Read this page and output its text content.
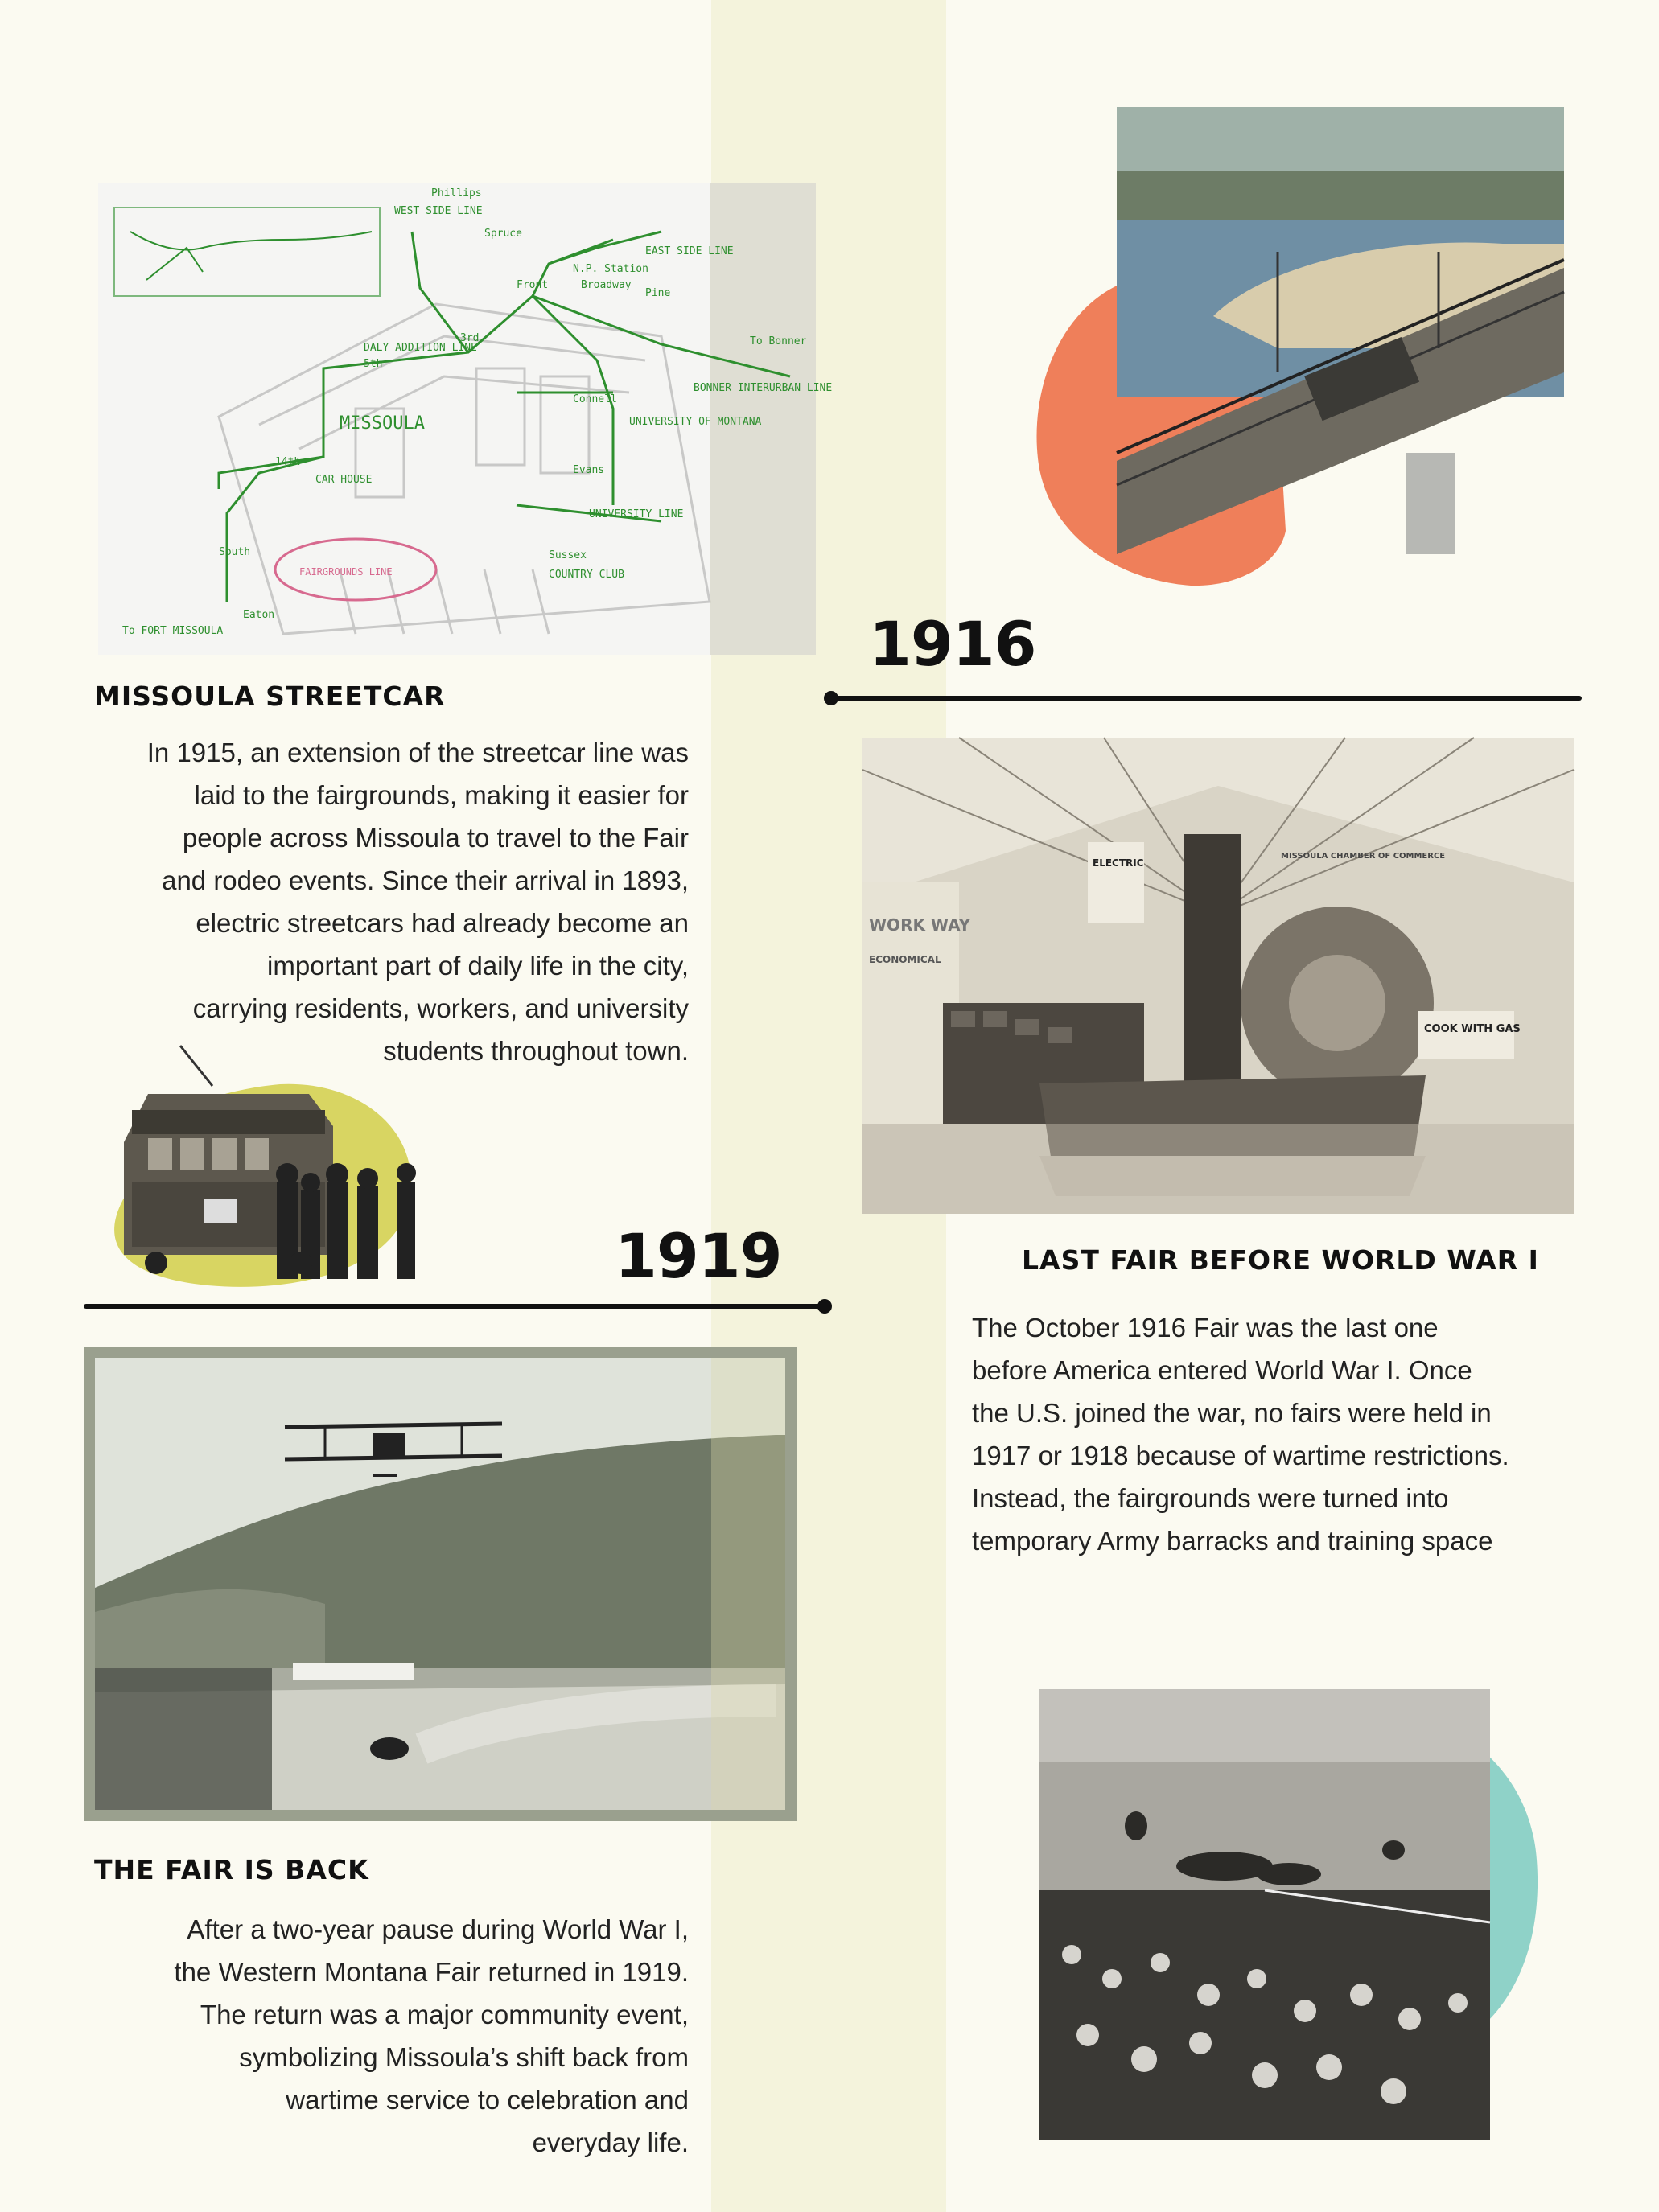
MISSOULA
WEST SIDE LINE
EAST SIDE LINE
DALY ADDITION LINE
BONNER INTERURBAN LINE
UNIVERSITY LINE
UNIVERSITY OF MONTANA
CAR HOUSE
COUNTRY CLUB
To FORT MISSOULA
To Bonner
Phillips
N.P. Station
Connell
Evans
Sussex
South
Eaton
3rd
5th
14th
Front	Broadway
Pine
Spruce
FAIRGROUNDS LINE
MISSOULA STREETCAR
In 1915, an extension of the streetcar line was
laid to the fairgrounds, making it easier for
people across Missoula to travel to the Fair
and rodeo events. Since their arrival in 1893,
electric streetcars had already become an
important part of daily life in the city,
carrying residents, workers, and university
students throughout town.
1916
ELECTRIC
COOK WITH GAS
WORK WAY
ECONOMICAL
MISSOULA CHAMBER OF COMMERCE
LAST FAIR BEFORE WORLD WAR I
The October 1916 Fair was the last one
before America entered World War I. Once
the U.S. joined the war, no fairs were held in
1917 or 1918 because of wartime restrictions.
Instead, the fairgrounds were turned into
temporary Army barracks and training space
1919
THE FAIR IS BACK
After a two-year pause during World War I,
the Western Montana Fair returned in 1919.
The return was a major community event,
symbolizing Missoula’s shift back from
wartime service to celebration and
everyday life.
